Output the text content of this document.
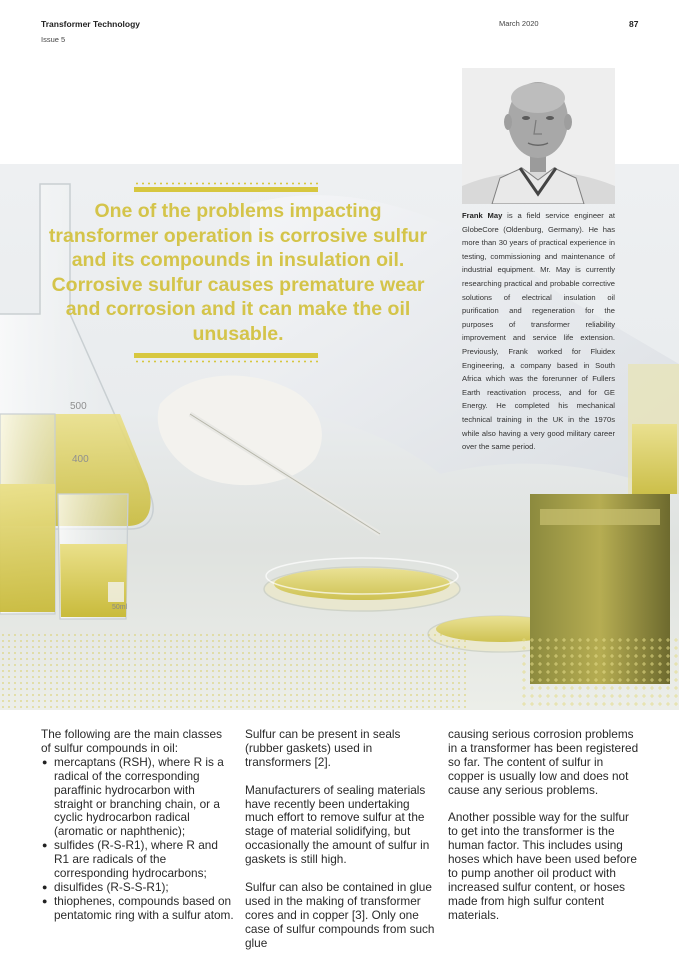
Transformer Technology
Issue 5
March 2020	87
500
400
50ml
One of the problems impacting transformer operation is corrosive sulfur and its compounds in insulation oil. Corrosive sulfur causes premature wear and corrosion and it can make the oil unusable.
Frank May is a field service engineer at GlobeCore (Oldenburg, Germany). He has more than 30 years of practical experience in testing, commissioning and maintenance of industrial equipment. Mr. May is currently researching practical and probable corrective solutions of electrical insulation oil purification and regeneration for the purposes of transformer reliability improvement and service life extension. Previously, Frank worked for Fluidex Engineering, a company based in South Africa which was the forerunner of Fullers Earth reactivation process, and for GE Energy. He completed his mechanical technical training in the UK in the 1970s while also having a very good military career over the same period.
The following are the main classes of sulfur compounds in oil:
● mercaptans (RSH), where R is a radical of the corresponding paraffinic hydrocarbon with straight or branching chain, or a cyclic hydrocarbon radical (aromatic or naphthenic);
● sulfides (R-S-R1), where R and R1 are radicals of the corresponding hydrocarbons;
● disulfides (R-S-S-R1);
● thiophenes, compounds based on pentatomic ring with a sulfur atom.

Sulfur can be present in seals (rubber gaskets) used in transformers [2].

Manufacturers of sealing materials have recently been undertaking much effort to remove sulfur at the stage of material solidifying, but occasionally the amount of sulfur in gaskets is still high.

Sulfur can also be contained in glue used in the making of transformer cores and in copper [3]. Only one case of sulfur compounds from such glue

causing serious corrosion problems in a transformer has been registered so far. The content of sulfur in copper is usually low and does not cause any serious problems.

Another possible way for the sulfur to get into the transformer is the human factor. This includes using hoses which have been used before to pump another oil product with increased sulfur content, or hoses made from high sulfur content materials.
